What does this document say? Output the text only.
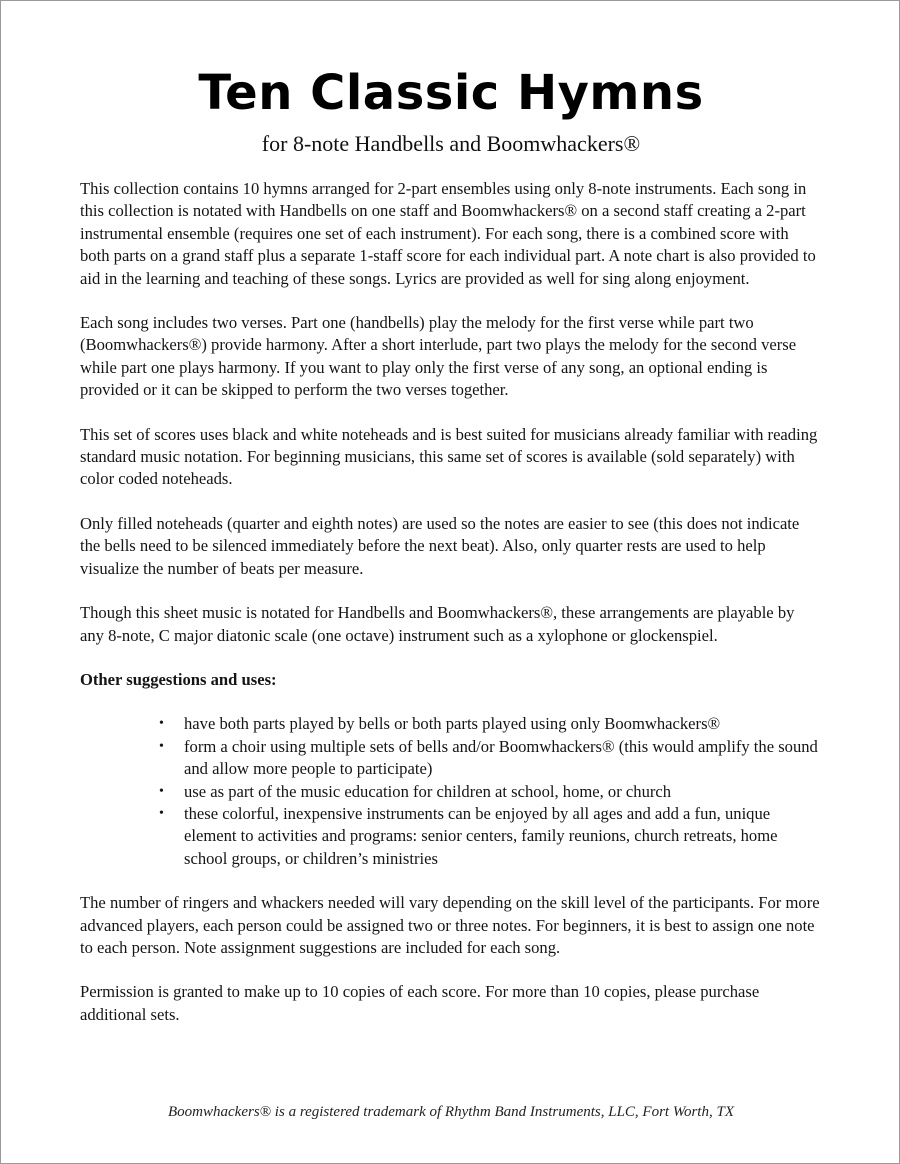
Ten Classic Hymns
for 8-note Handbells and Boomwhackers®

This collection contains 10 hymns arranged for 2-part ensembles using only 8-note instruments. Each song in this collection is notated with Handbells on one staff and Boomwhackers® on a second staff creating a 2-part instrumental ensemble (requires one set of each instrument). For each song, there is a combined score with both parts on a grand staff plus a separate 1-staff score for each individual part. A note chart is also provided to aid in the learning and teaching of these songs. Lyrics are provided as well for sing along enjoyment.

Each song includes two verses. Part one (handbells) play the melody for the first verse while part two (Boomwhackers®) provide harmony. After a short interlude, part two plays the melody for the second verse while part one plays harmony. If you want to play only the first verse of any song, an optional ending is provided or it can be skipped to perform the two verses together.

This set of scores uses black and white noteheads and is best suited for musicians already familiar with reading standard music notation. For beginning musicians, this same set of scores is available (sold separately) with color coded noteheads.

Only filled noteheads (quarter and eighth notes) are used so the notes are easier to see (this does not indicate the bells need to be silenced immediately before the next beat). Also, only quarter rests are used to help visualize the number of beats per measure.

Though this sheet music is notated for Handbells and Boomwhackers®, these arrangements are playable by any 8-note, C major diatonic scale (one octave) instrument such as a xylophone or glockenspiel.

Other suggestions and uses:

• have both parts played by bells or both parts played using only Boomwhackers®
• form a choir using multiple sets of bells and/or Boomwhackers® (this would amplify the sound and allow more people to participate)
• use as part of the music education for children at school, home, or church
• these colorful, inexpensive instruments can be enjoyed by all ages and add a fun, unique element to activities and programs: senior centers, family reunions, church retreats, home school groups, or children’s ministries

The number of ringers and whackers needed will vary depending on the skill level of the participants. For more advanced players, each person could be assigned two or three notes. For beginners, it is best to assign one note to each person. Note assignment suggestions are included for each song.

Permission is granted to make up to 10 copies of each score. For more than 10 copies, please purchase additional sets.

Boomwhackers® is a registered trademark of Rhythm Band Instruments, LLC, Fort Worth, TX
